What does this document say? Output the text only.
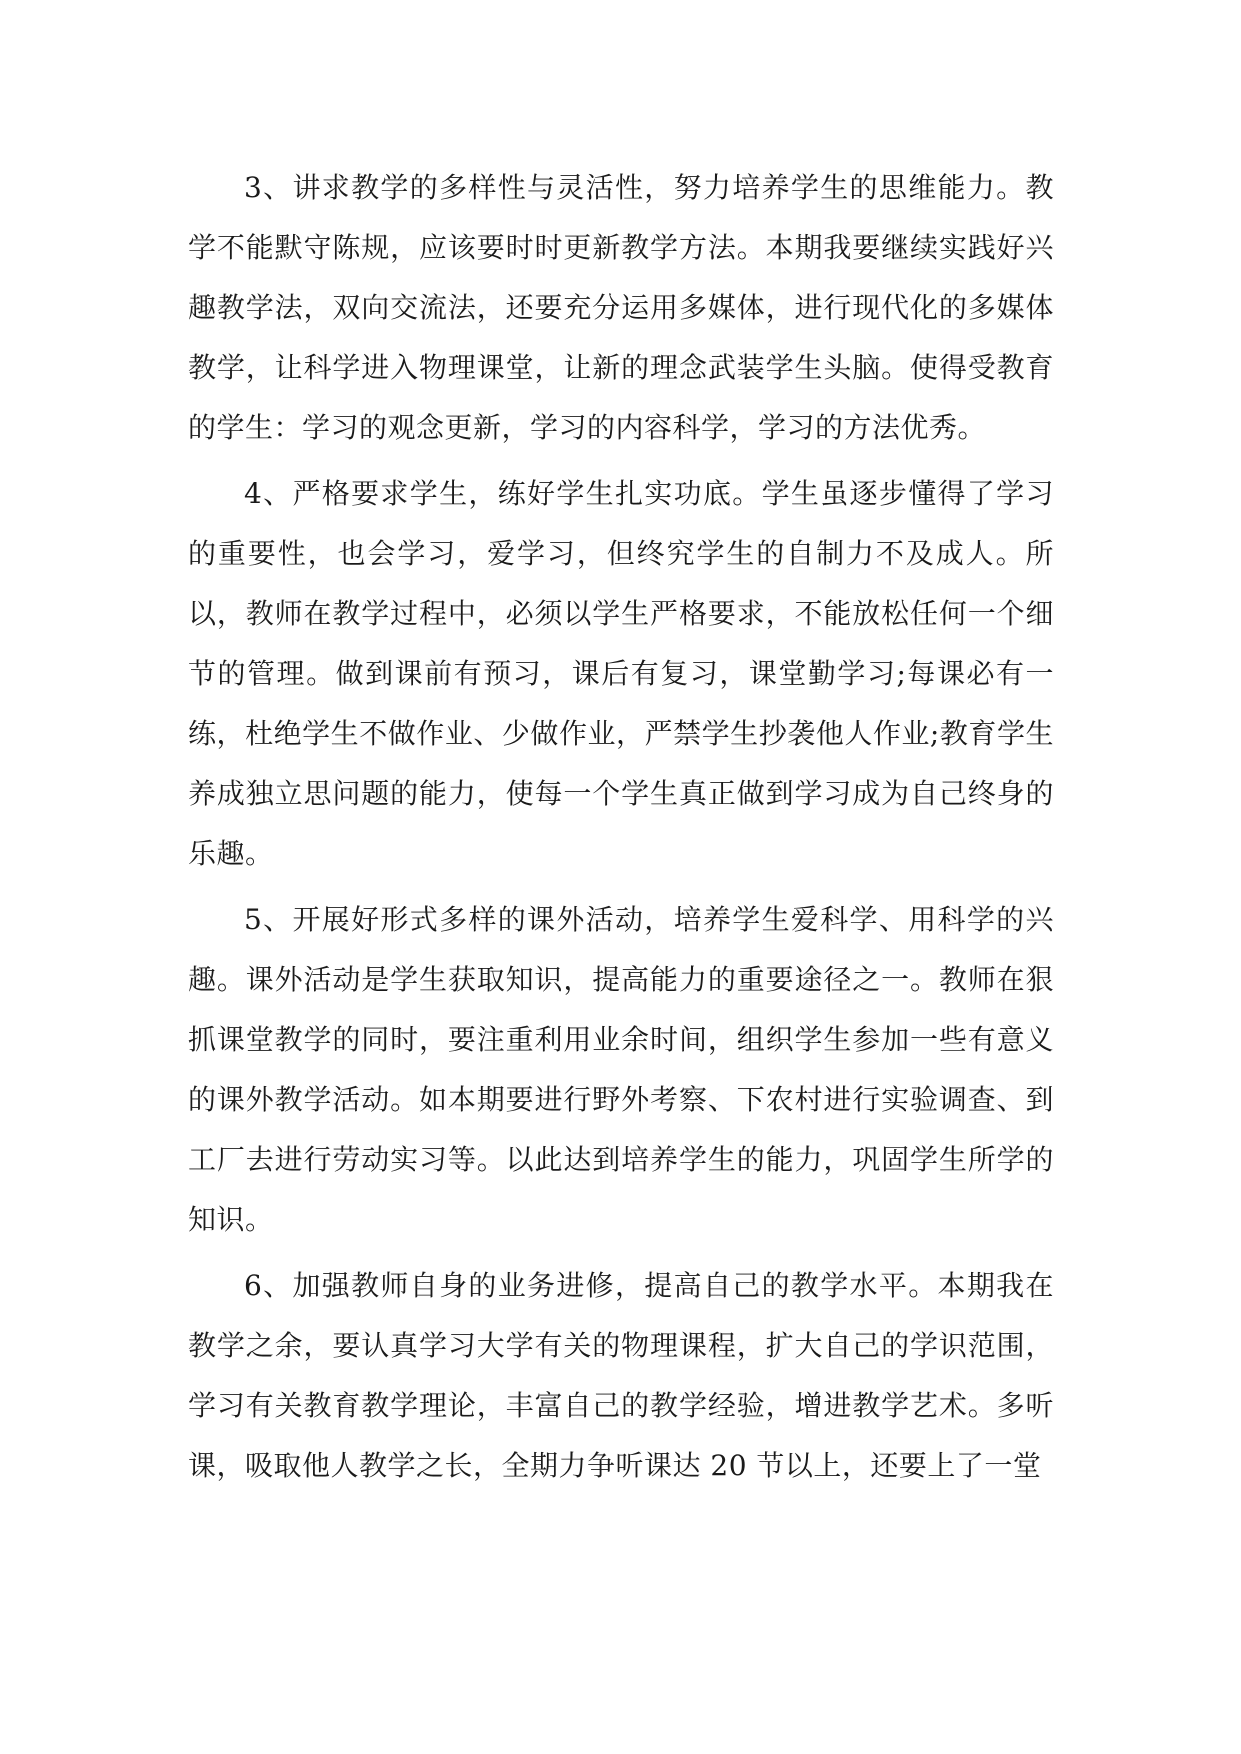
3、讲求教学的多样性与灵活性，努力培养学生的思维能力。教学不能默守陈规，应该要时时更新教学方法。本期我要继续实践好兴趣教学法，双向交流法，还要充分运用多媒体，进行现代化的多媒体教学，让科学进入物理课堂，让新的理念武装学生头脑。使得受教育的学生：学习的观念更新，学习的内容科学，学习的方法优秀。

4、严格要求学生，练好学生扎实功底。学生虽逐步懂得了学习的重要性，也会学习，爱学习，但终究学生的自制力不及成人。所以，教师在教学过程中，必须以学生严格要求，不能放松任何一个细节的管理。做到课前有预习，课后有复习，课堂勤学习;每课必有一练，杜绝学生不做作业、少做作业，严禁学生抄袭他人作业;教育学生养成独立思问题的能力，使每一个学生真正做到学习成为自己终身的乐趣。

5、开展好形式多样的课外活动，培养学生爱科学、用科学的兴趣。课外活动是学生获取知识，提高能力的重要途径之一。教师在狠抓课堂教学的同时，要注重利用业余时间，组织学生参加一些有意义的课外教学活动。如本期要进行野外考察、下农村进行实验调查、到工厂去进行劳动实习等。以此达到培养学生的能力，巩固学生所学的知识。

6、加强教师自身的业务进修，提高自己的教学水平。本期我在教学之余，要认真学习大学有关的物理课程，扩大自己的学识范围，学习有关教育教学理论，丰富自己的教学经验，增进教学艺术。多听课，吸取他人教学之长，全期力争听课达 20 节以上，还要上了一堂
